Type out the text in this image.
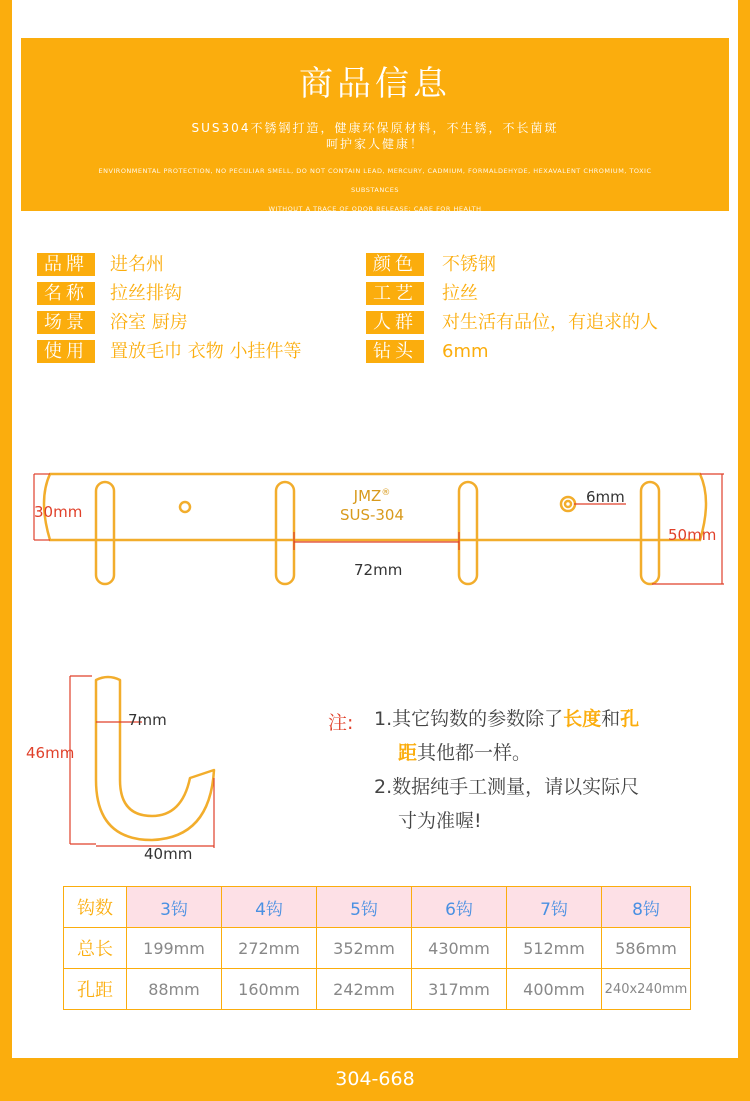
商品信息
SUS304不锈钢打造，健康环保原材料，不生锈，不长菌斑
呵护家人健康！
ENVIRONMENTAL PROTECTION, NO PECULIAR SMELL, DO NOT CONTAIN LEAD, MERCURY, CADMIUM, FORMALDEHYDE, HEXAVALENT CHROMIUM, TOXIC SUBSTANCES
WITHOUT A TRACE OF ODOR RELEASE; CARE FOR HEALTH
品牌	进名州
名称	拉丝排钩
场景	浴室 厨房
使用	置放毛巾 衣物 小挂件等
颜色	不锈钢
工艺	拉丝
人群	对生活有品位，有追求的人
钻头	6mm
30mm
6mm
50mm
72mm
JMZ®
SUS-304
46mm
7mm
40mm
注: 1.其它钩数的参数除了长度和孔
距其他都一样。
2.数据纯手工测量，请以实际尺
寸为准喔!
钩数	3钩	4钩	5钩	6钩	7钩	8钩
总长	199mm	272mm	352mm	430mm	512mm	586mm
孔距	88mm	160mm	242mm	317mm	400mm	240x240mm
304-668
